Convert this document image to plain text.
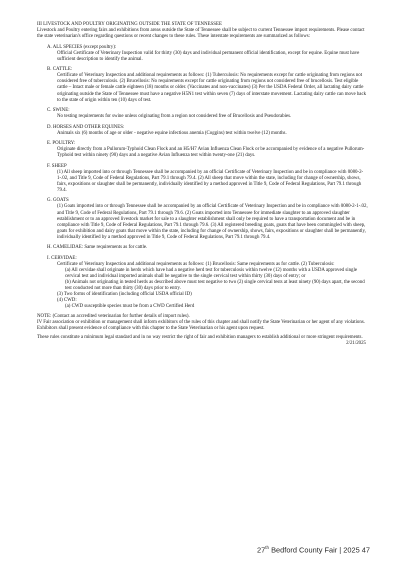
III LIVESTOCK AND POULTRY ORIGINATING OUTSIDE THE STATE OF TENNESSEE

Livestock and Poultry entering fairs and exhibitions from areas outside the State of Tennessee shall be subject to current Tennessee import requirements. Please contact the state veterinarian's office regarding questions or recent changes to these rules. These interstate requirements are summarized as follows:

A. ALL SPECIES (except poultry):

Official Certificate of Veterinary Inspection valid for thirty (30) days and individual permanent official identification, except for equine. Equine must have sufficient description to identify the animal.

B. CATTLE:

Certificate of Veterinary Inspection and additional requirements as follows: (1) Tuberculosis: No requirements except for cattle originating from regions not considered free of tuberculosis. (2) Brucellosis: No requirements except for cattle originating from regions not considered free of brucellosis. Test eligible cattle – Intact male or female cattle eighteen (18) months or older. (Vaccinates and non-vaccinates) (3) Per the USDA Federal Order, all lactating dairy cattle originating outside the State of Tennessee must have a negative H5N1 test within seven (7) days of interstate movement. Lactating dairy cattle can move back to the state of origin within ten (10) days of test.

C. SWINE:

No testing requirements for swine unless originating from a region not considered free of Brucellosis and Pseudorabies.

D. HORSES AND OTHER EQUINES:

Animals six (6) months of age or older - negative equine infectious anemia (Coggins) test within twelve (12) months.

E. POULTRY:

Originate directly from a Pullorum-Typhoid Clean Flock and an H5/H7 Avian Influenza Clean Flock or be accompanied by evidence of a negative Pullorum-Typhoid test within ninety (90) days and a negative Avian Influenza test within twenty-one (21) days.

F. SHEEP

(1) All sheep imported into or through Tennessee shall be accompanied by an official Certificate of Veterinary Inspection and be in compliance with 0080-2-1-.02, and Title 9, Code of Federal Regulations, Part 79.1 through 79.4. (2) All sheep that move within the state, including for change of ownership, shows, fairs, expositions or slaughter shall be permanently, individually identified by a method approved in Title 9, Code of Federal Regulations, Part 79.1 through 79.4.

G. GOATS

(1) Goats imported into or through Tennessee shall be accompanied by an official Certificate of Veterinary Inspection and be in compliance with 0080-2-1-.02, and Title 9, Code of Federal Regulations, Part 79.1 through 79.6. (2) Goats imported into Tennessee for immediate slaughter to an approved slaughter establishment or to an approved livestock market for sale to a slaughter establishment shall only be required to have a transportation document and be in compliance with Title 9, Code of Federal Regulations, Part 79.1 through 79.6. (3) All registered breeding goats, goats that have been commingled with sheep, goats for exhibition and dairy goats that move within the state, including for change of ownership, shows, fairs, expositions or slaughter shall be permanently, individually identified by a method approved in Title 9, Code of Federal Regulations, Part 79.1 through 79.4.

H. CAMELIDAE: Same requirements as for cattle.

I. CERVIDAE:

Certificate of Veterinary Inspection and additional requirements as follows: (1) Brucellosis: Same requirements as for cattle. (2) Tuberculosis:

(a) All cervidae shall originate in herds which have had a negative herd test for tuberculosis within twelve (12) months with a USDA approved single cervical test and individual imported animals shall be negative to the single cervical test within thirty (30) days of entry; or

(b) Animals not originating in tested herds as described above must test negative to two (2) single cervical tests at least ninety (90) days apart, the second test conducted not more than thirty (30) days prior to entry.

(3) Two forms of identification (including official USDA official ID)

(4) CWD:

(a) CWD susceptible species must be from a CWD Certified Herd

NOTE: (Contact an accredited veterinarian for further details of import rules).

IV Fair association or exhibition or management shall inform exhibitors of the rules of this chapter and shall notify the State Veterinarian or her agent of any violations. Exhibitors shall present evidence of compliance with this chapter to the State Veterinarian or his agent upon request.

These rules constitute a minimum legal standard and in no way restrict the right of fair and exhibition managers to establish additional or more stringent requirements.

2/21/2025

27th Bedford County Fair | 2025 47
